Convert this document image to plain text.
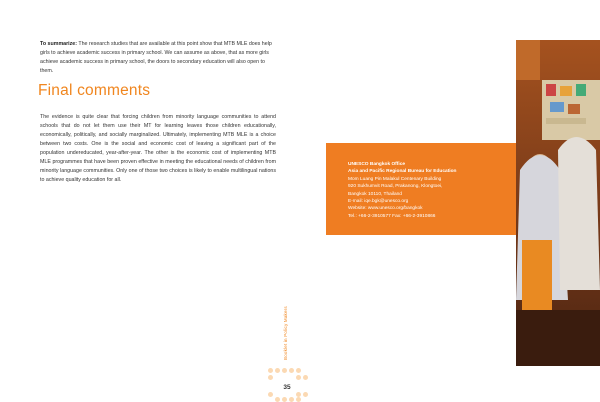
To summarize: The research studies that are available at this point show that MTB MLE does help girls to achieve academic success in primary school. We can assume as above, that as more girls achieve academic success in primary school, the doors to secondary education will also open to them.

Final comments

The evidence is quite clear that forcing children from minority language communities to attend schools that do not let them use their MT for learning leaves those children educationally, economically, politically, and socially marginalized. Ultimately, implementing MTB MLE is a choice between two costs. One is the social and economic cost of leaving a significant part of the population undereducated, year-after-year. The other is the economic cost of implementing MTB MLE programmes that have been proven effective in meeting the educational needs of children from minority language communities. Only one of those two choices is likely to enable multilingual nations to achieve quality education for all.

UNESCO Bangkok Office
Asia and Pacific Regional Bureau for Education
Mom Luang Pin Malakul Centenary Building
920 Sukhumvit Road, Prakanong, Klongtoei,
Bangkok 10110, Thailand
E-mail: iqe.bgk@unesco.org
Website: www.unesco.org/bangkok
Tel.: +66-2-3910577 Fax: +66-2-3910866
Booklet in Policy Makers
35
